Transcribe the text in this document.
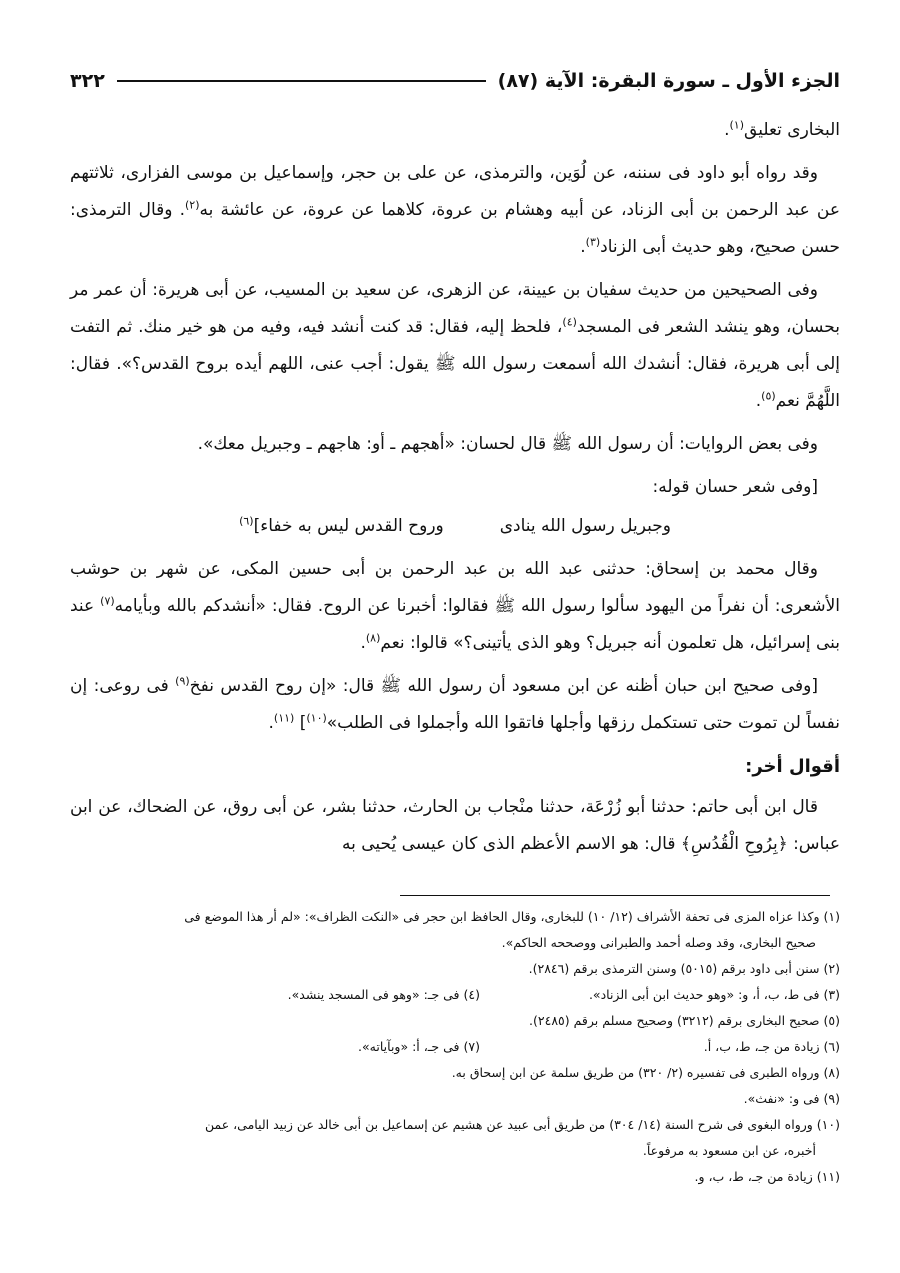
الجزء الأول ـ سورة البقرة: الآية (٨٧)
٣٢٢

البخارى تعليق$^{(١)}$.

وقد رواه أبو داود فى سننه، عن لُوَين، والترمذى، عن على بن حجر، وإسماعيل بن موسى الفزارى، ثلاثتهم عن عبد الرحمن بن أبى الزناد، عن أبيه وهشام بن عروة، كلاهما عن عروة، عن عائشة به$^{(٢)}$. وقال الترمذى: حسن صحيح، وهو حديث أبى الزناد$^{(٣)}$.

وفى الصحيحين من حديث سفيان بن عيينة، عن الزهرى، عن سعيد بن المسيب، عن أبى هريرة: أن عمر مر بحسان، وهو ينشد الشعر فى المسجد$^{(٤)}$، فلحظ إليه، فقال: قد كنت أنشد فيه، وفيه من هو خير منك. ثم التفت إلى أبى هريرة، فقال: أنشدك الله أسمعت رسول الله ﷺ يقول: أجب عنى، اللهم أيده بروح القدس؟». فقال: اللَّهُمَّ نعم$^{(٥)}$.

وفى بعض الروايات: أن رسول الله ﷺ قال لحسان: «أهجهم ـ أو: هاجهم ـ وجبريل معك».

[وفى شعر حسان قوله:

وجبريل رسول الله ينادى
وروح القدس ليس به خفاء]$^{(٦)}$

وقال محمد بن إسحاق: حدثنى عبد الله بن عبد الرحمن بن أبى حسين المكى، عن شهر بن حوشب الأشعرى: أن نفراً من اليهود سألوا رسول الله ﷺ فقالوا: أخبرنا عن الروح. فقال: «أنشدكم بالله وبأيامه$^{(٧)}$ عند بنى إسرائيل، هل تعلمون أنه جبريل؟ وهو الذى يأتينى؟» قالوا: نعم$^{(٨)}$.

[وفى صحيح ابن حبان أظنه عن ابن مسعود أن رسول الله ﷺ قال: «إن روح القدس نفخ$^{(٩)}$ فى روعى: إن نفساً لن تموت حتى تستكمل رزقها وأجلها فاتقوا الله وأجملوا فى الطلب»$^{(١٠)}$] $^{(١١)}$.

أقوال أخر:

قال ابن أبى حاتم: حدثنا أبو زُرْعَة، حدثنا منْجاب بن الحارث، حدثنا بشر، عن أبى روق، عن الضحاك، عن ابن عباس: ﴿بِرُوحِ الْقُدُسِ﴾ قال: هو الاسم الأعظم الذى كان عيسى يُحيى به

(١) وكذا عزاه المزى فى تحفة الأشراف (١٢/ ١٠) للبخارى، وقال الحافظ ابن حجر فى «النكت الظراف»: «لم أر هذا الموضع فى
صحيح البخارى، وقد وصله أحمد والطبرانى ووصححه الحاكم».

(٢) سنن أبى داود برقم (٥٠١٥) وسنن الترمذى برقم (٢٨٤٦).

(٣) فى ط، ب، أ، و: «وهو حديث ابن أبى الزناد».

(٤) فى جـ: «وهو فى المسجد ينشد».

(٥) صحيح البخارى برقم (٣٢١٢) وصحيح مسلم برقم (٢٤٨٥).

(٦) زيادة من جـ، ط، ب، أ.

(٧) فى جـ، أ: «وبآياته».

(٨) ورواه الطبرى فى تفسيره (٢/ ٣٢٠) من طريق سلمة عن ابن إسحاق به.

(٩) فى و: «نفث».

(١٠) ورواه البغوى فى شرح السنة (١٤/ ٣٠٤) من طريق أبى عبيد عن هشيم عن إسماعيل بن أبى خالد عن زبيد اليامى، عمن
أخبره، عن ابن مسعود به مرفوعاً.

(١١) زيادة من جـ، ط، ب، و.
